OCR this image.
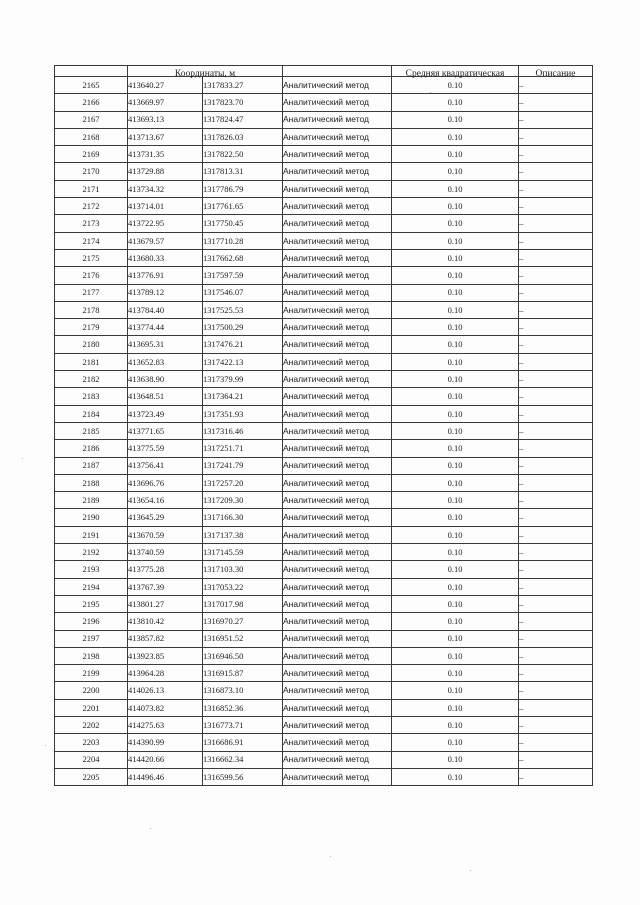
	Координаты, м			Средняя квадратическая	Описание

2165	413640.27	1317833.27	Аналитический метод	0.10	–
2166	413669.97	1317823.70	Аналитический метод	0.10	–
2167	413693.13	1317824.47	Аналитический метод	0.10	–
2168	413713.67	1317826.03	Аналитический метод	0.10	–
2169	413731.35	1317822.50	Аналитический метод	0.10	–
2170	413729.88	1317813.31	Аналитический метод	0.10	–
2171	413734.32	1317786.79	Аналитический метод	0.10	–
2172	413714.01	1317761.65	Аналитический метод	0.10	–
2173	413722.95	1317750.45	Аналитический метод	0.10	–
2174	413679.57	1317710.28	Аналитический метод	0.10	–
2175	413680.33	1317662.68	Аналитический метод	0.10	–
2176	413776.91	1317597.59	Аналитический метод	0.10	–
2177	413789.12	1317546.07	Аналитический метод	0.10	–
2178	413784.40	1317525.53	Аналитический метод	0.10	–
2179	413774.44	1317500.29	Аналитический метод	0.10	–
2180	413695.31	1317476.21	Аналитический метод	0.10	–
2181	413652.83	1317422.13	Аналитический метод	0.10	–
2182	413638.90	1317379.99	Аналитический метод	0.10	–
2183	413648.51	1317364.21	Аналитический метод	0.10	–
2184	413723.49	1317351.93	Аналитический метод	0.10	–
2185	413771.65	1317316.46	Аналитический метод	0.10	–
2186	413775.59	1317251.71	Аналитический метод	0.10	–
2187	413756.41	1317241.79	Аналитический метод	0.10	–
2188	413696.76	1317257.20	Аналитический метод	0.10	–
2189	413654.16	1317209.30	Аналитический метод	0.10	–
2190	413645.29	1317166.30	Аналитический метод	0.10	–
2191	413670.59	1317137.38	Аналитический метод	0.10	–
2192	413740.59	1317145.59	Аналитический метод	0.10	–
2193	413775.28	1317103.30	Аналитический метод	0.10	–
2194	413767.39	1317053.22	Аналитический метод	0.10	–
2195	413801.27	1317017.98	Аналитический метод	0.10	–
2196	413810.42	1316970.27	Аналитический метод	0.10	–
2197	413857.82	1316951.52	Аналитический метод	0.10	–
2198	413923.85	1316946.50	Аналитический метод	0.10	–
2199	413964.28	1316915.87	Аналитический метод	0.10	–
2200	414026.13	1316873.10	Аналитический метод	0.10	–
2201	414073.82	1316852.36	Аналитический метод	0.10	–
2202	414275.63	1316773.71	Аналитический метод	0.10	–
2203	414390.99	1316686.91	Аналитический метод	0.10	–
2204	414420.66	1316662.34	Аналитический метод	0.10	–
2205	414496.46	1316599.56	Аналитический метод	0.10	–
